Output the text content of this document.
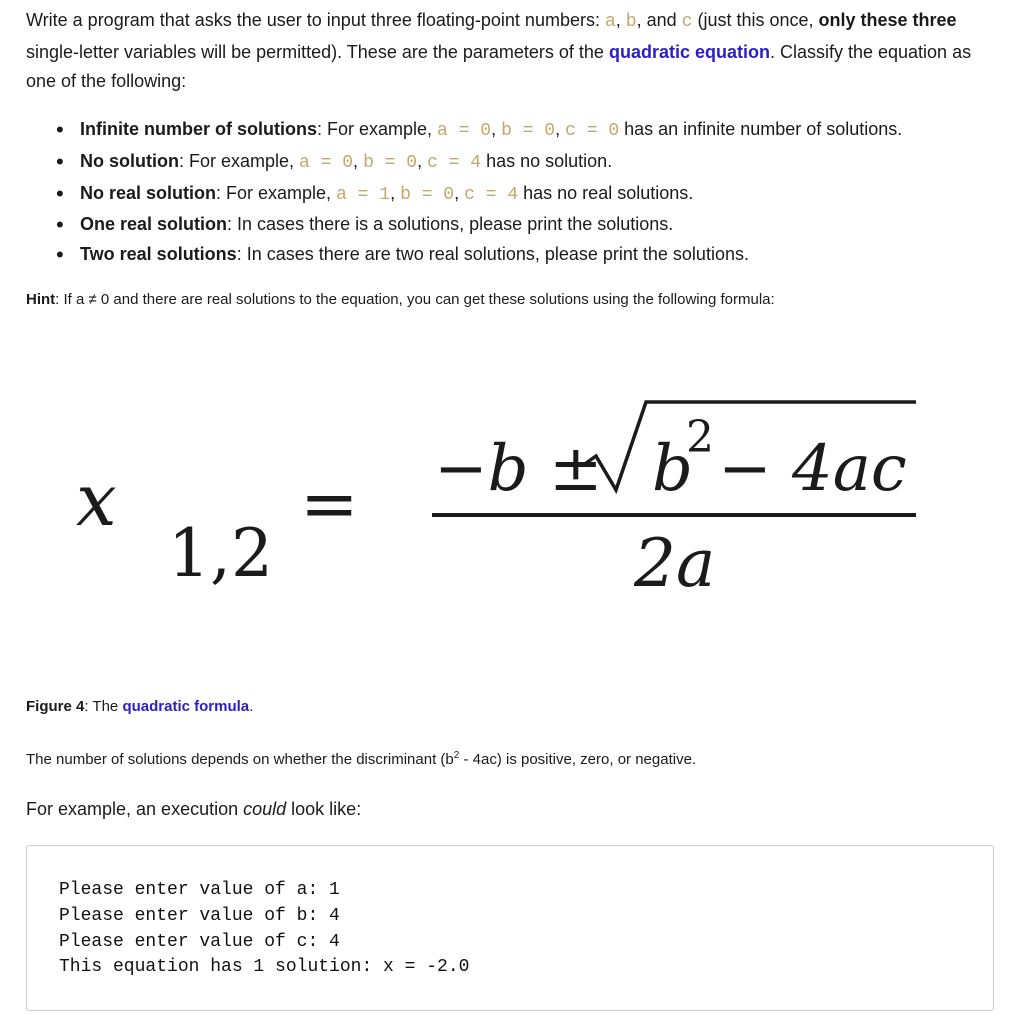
Write a program that asks the user to input three floating-point numbers: a, b, and c (just this once, only these three single-letter variables will be permitted). These are the parameters of the quadratic equation. Classify the equation as one of the following:
• Infinite number of solutions: For example, a = 0, b = 0, c = 0 has an infinite number of solutions.
• No solution: For example, a = 0, b = 0, c = 4 has no solution.
• No real solution: For example, a = 1, b = 0, c = 4 has no real solutions.
• One real solution: In cases there is a solutions, please print the solutions.
• Two real solutions: In cases there are two real solutions, please print the solutions.
Hint: If a ≠ 0 and there are real solutions to the equation, you can get these solutions using the following formula:
x
1,2
= −b ± b
2 − 4ac
2a
Figure 4: The quadratic formula.
The number of solutions depends on whether the discriminant $(b^2 - 4ac)$ is positive, zero, or negative.
For example, an execution could look like:
Please enter value of a: 1
Please enter value of b: 4
Please enter value of c: 4
This equation has 1 solution: x = -2.0
